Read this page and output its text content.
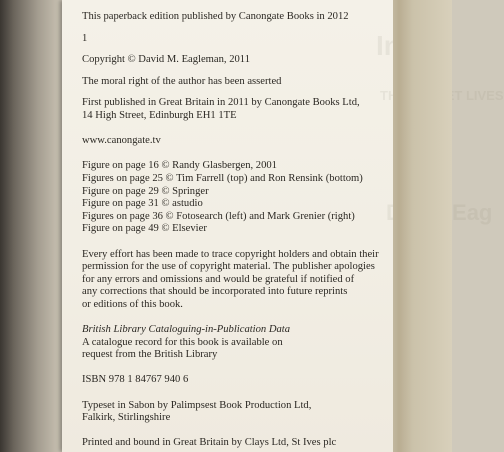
LIVES
Eag

This paperback edition published by Canongate Books in 2012

1

Copyright © David M. Eagleman, 2011

The moral right of the author has been asserted

First published in Great Britain in 2011 by Canongate Books Ltd,

14 High Street, Edinburgh EH1 1TE

www.canongate.tv

Figure on page 16 © Randy Glasbergen, 2001

Figures on page 25 © Tim Farrell (top) and Ron Rensink (bottom)

Figure on page 29 © Springer

Figure on page 31 © astudio

Figures on page 36 © Fotosearch (left) and Mark Grenier (right)

Figure on page 49 © Elsevier

Every effort has been made to trace copyright holders and obtain their

permission for the use of copyright material. The publisher apologies

for any errors and omissions and would be grateful if notified of

any corrections that should be incorporated into future reprints

or editions of this book.

British Library Cataloguing-in-Publication Data

A catalogue record for this book is available on

request from the British Library

ISBN 978 1 84767 940 6

Typeset in Sabon by Palimpsest Book Production Ltd,

Falkirk, Stirlingshire

Printed and bound in Great Britain by Clays Ltd, St Ives plc
